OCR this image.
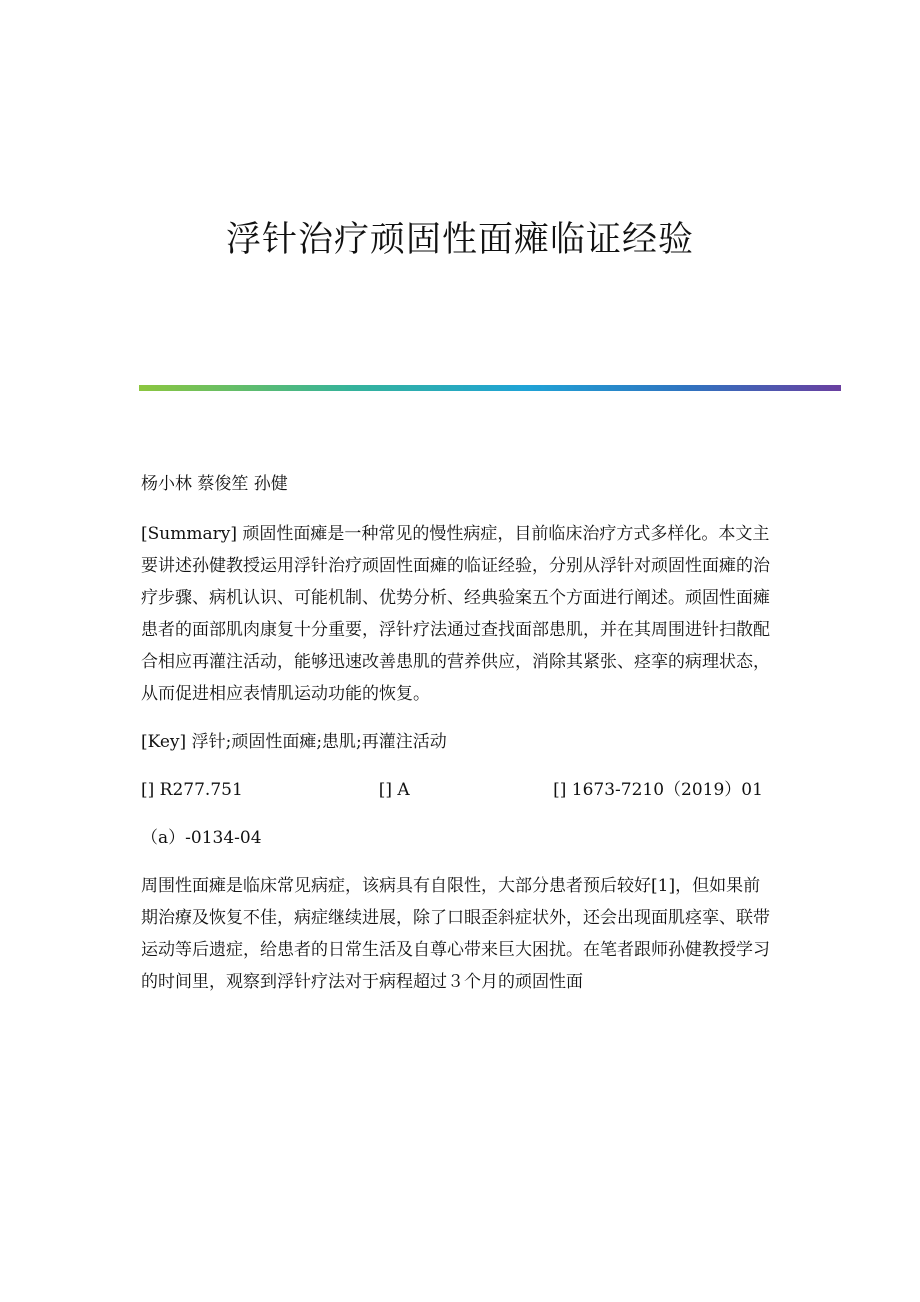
浮针治疗顽固性面瘫临证经验

杨小林 蔡俊笙 孙健

[Summary] 顽固性面瘫是一种常见的慢性病症，目前临床治疗方式多样化。本文主要讲述孙健教授运用浮针治疗顽固性面瘫的临证经验，分别从浮针对顽固性面瘫的治疗步骤、病机认识、可能机制、优势分析、经典验案五个方面进行阐述。顽固性面瘫患者的面部肌肉康复十分重要，浮针疗法通过查找面部患肌，并在其周围进针扫散配合相应再灌注活动，能够迅速改善患肌的营养供应，消除其紧张、痉挛的病理状态，从而促进相应表情肌运动功能的恢复。

[Key] 浮针;顽固性面瘫;患肌;再灌注活动

[] R277.751	[] A	[] 1673-7210（2019）01

（a）-0134-04

周围性面瘫是临床常见病症，该病具有自限性，大部分患者预后较好[1]，但如果前期治療及恢复不佳，病症继续进展，除了口眼歪斜症状外，还会出现面肌痉挛、联带运动等后遗症，给患者的日常生活及自尊心带来巨大困扰。在笔者跟师孙健教授学习的时间里，观察到浮针疗法对于病程超过３个月的顽固性面
